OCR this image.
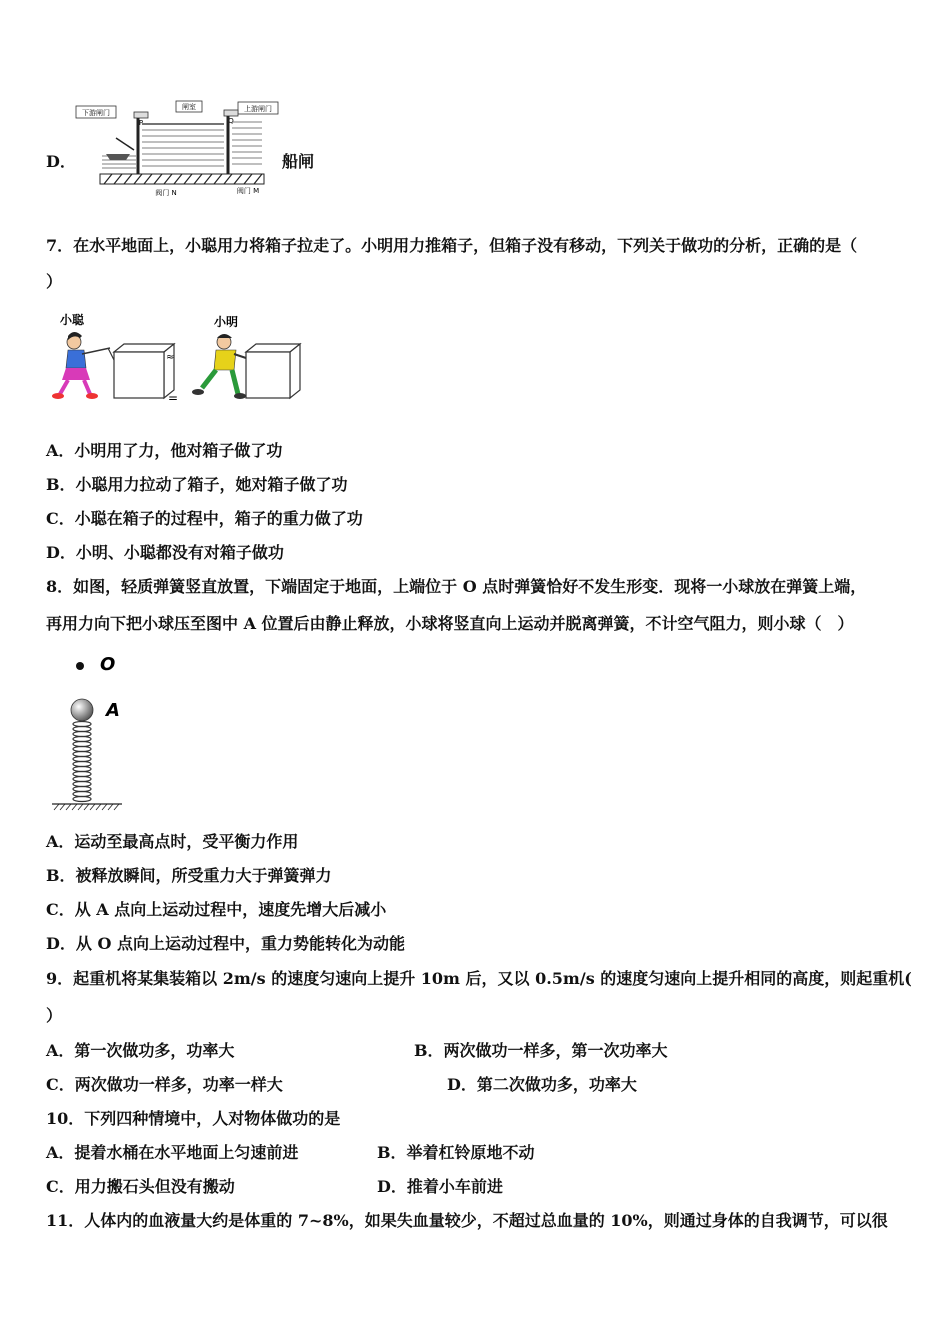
D．
下游闸门
闸室	上游闸门
P	Q
阀门 N	阀门 M
船闸
7．在水平地面上，小聪用力将箱子拉走了。小明用力推箱子，但箱子没有移动，下列关于做功的分析，正确的是（
）
小聪	小明
≈
=
A．小明用了力，他对箱子做了功
B．小聪用力拉动了箱子，她对箱子做了功
C．小聪在箱子的过程中，箱子的重力做了功
D．小明、小聪都没有对箱子做功
8．如图，轻质弹簧竖直放置，下端固定于地面，上端位于 O 点时弹簧恰好不发生形变．现将一小球放在弹簧上端，
再用力向下把小球压至图中 A 位置后由静止释放，小球将竖直向上运动并脱离弹簧，不计空气阻力，则小球（　）
O
A
A．运动至最高点时，受平衡力作用
B．被释放瞬间，所受重力大于弹簧弹力
C．从 A 点向上运动过程中，速度先增大后减小
D．从 O 点向上运动过程中，重力势能转化为动能
9．起重机将某集装箱以 2m/s 的速度匀速向上提升 10m 后，又以 0.5m/s 的速度匀速向上提升相同的高度，则起重机(
）
A．第一次做功多，功率大	B．两次做功一样多，第一次功率大
C．两次做功一样多，功率一样大	D．第二次做功多，功率大
10．下列四种情境中，人对物体做功的是
A．提着水桶在水平地面上匀速前进	B．举着杠铃原地不动
C．用力搬石头但没有搬动	D．推着小车前进
11．人体内的血液量大约是体重的 7~8%，如果失血量较少，不超过总血量的 10%，则通过身体的自我调节，可以很
